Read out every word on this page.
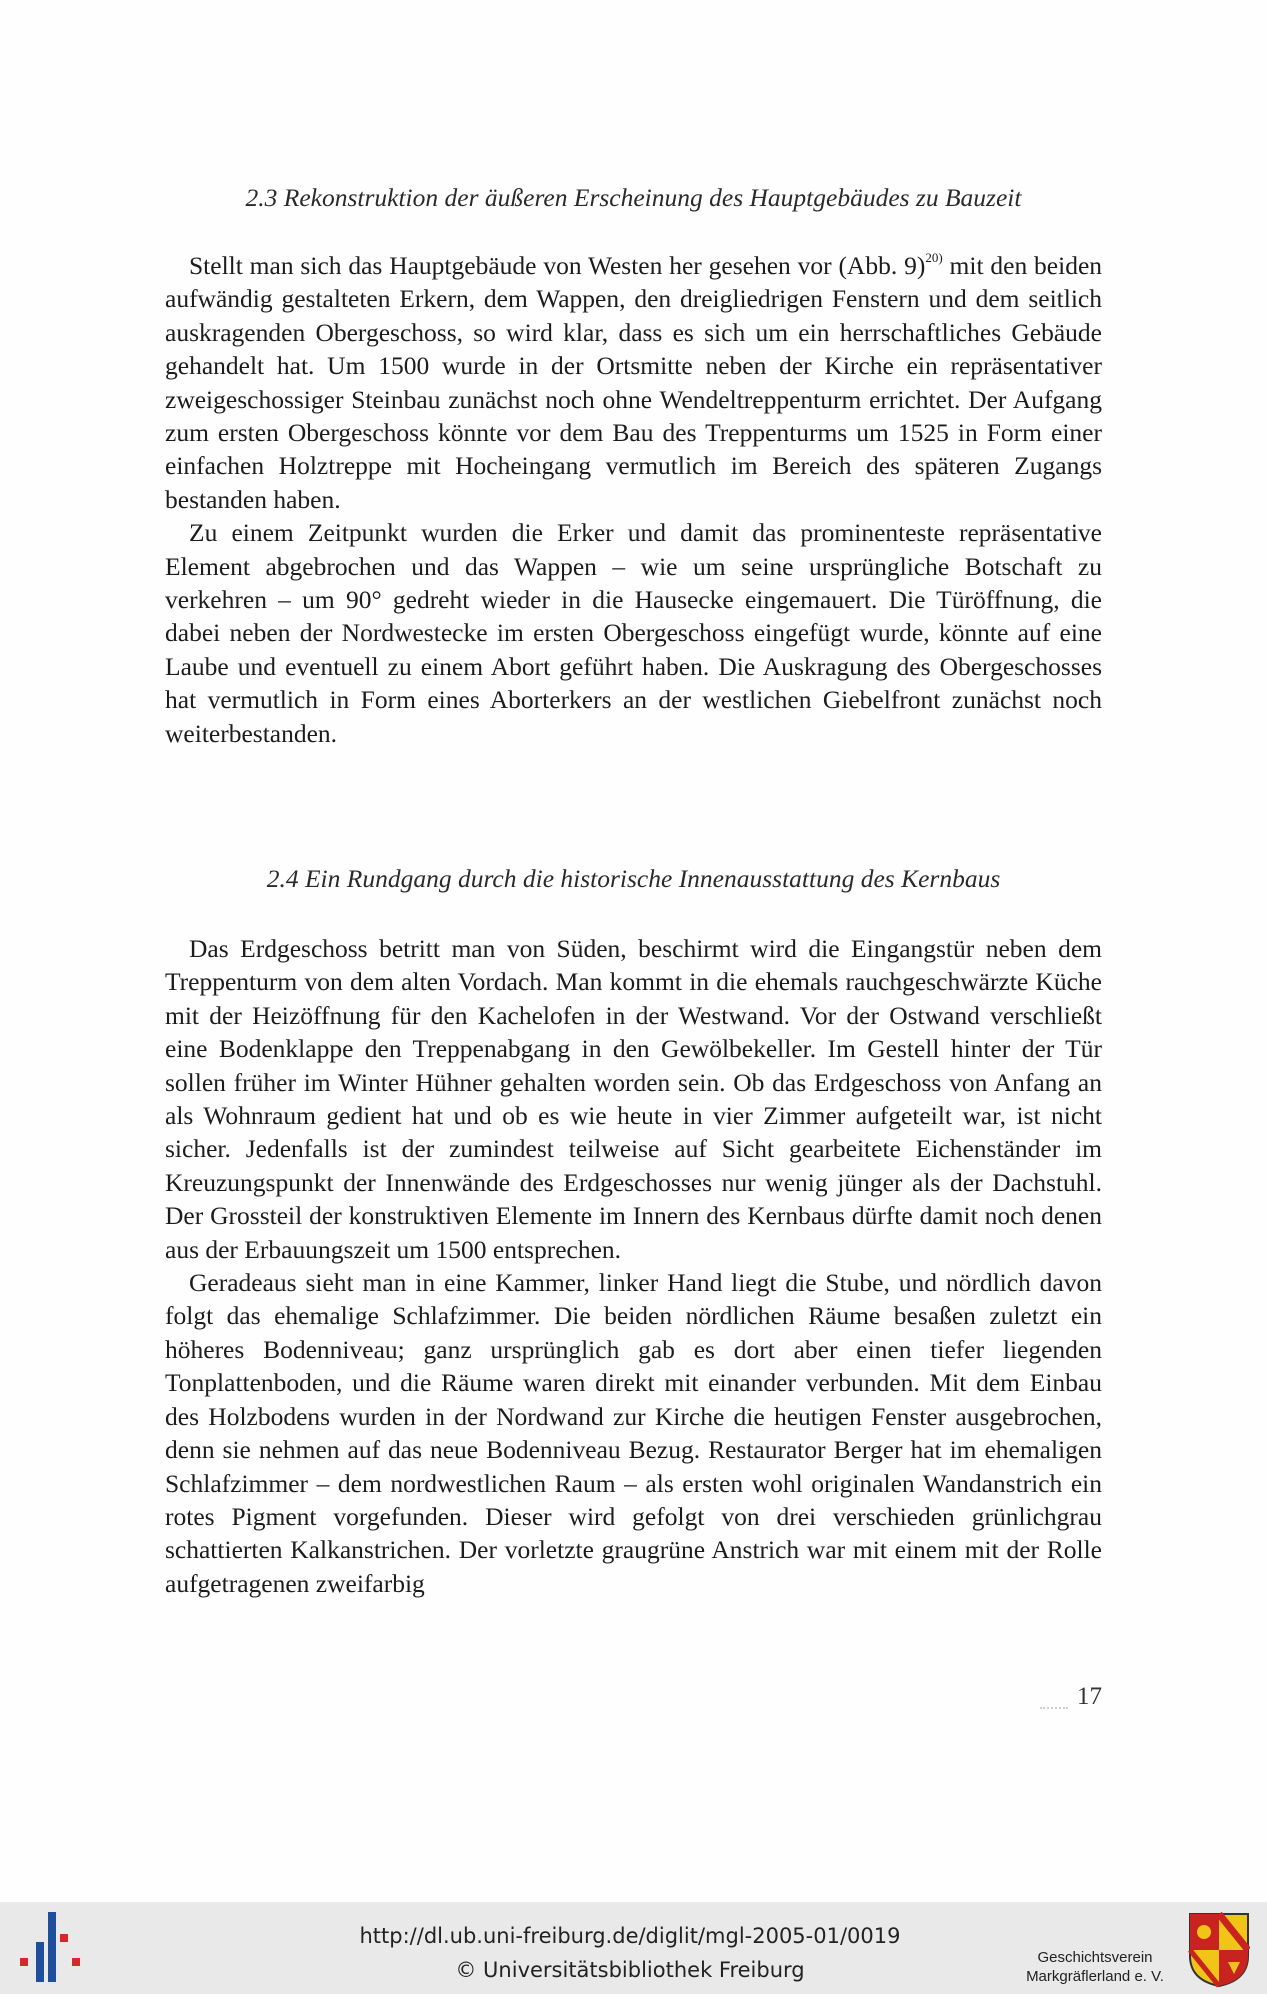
2.3 Rekonstruktion der äußeren Erscheinung des Hauptgebäudes zu Bauzeit

Stellt man sich das Hauptgebäude von Westen her gesehen vor (Abb. 9)$^{20)}$ mit den beiden aufwändig gestalteten Erkern, dem Wappen, den dreigliedrigen Fenstern und dem seitlich auskragenden Obergeschoss, so wird klar, dass es sich um ein herrschaftliches Gebäude gehandelt hat. Um 1500 wurde in der Ortsmitte neben der Kirche ein repräsentativer zweigeschossiger Steinbau zunächst noch ohne Wendeltreppenturm errichtet. Der Aufgang zum ersten Obergeschoss könnte vor dem Bau des Treppenturms um 1525 in Form einer einfachen Holztreppe mit Hocheingang vermutlich im Bereich des späteren Zugangs bestanden haben.

Zu einem Zeitpunkt wurden die Erker und damit das prominenteste repräsentative Element abgebrochen und das Wappen – wie um seine ursprüngliche Botschaft zu verkehren – um 90° gedreht wieder in die Hausecke eingemauert. Die Türöffnung, die dabei neben der Nordwestecke im ersten Obergeschoss eingefügt wurde, könnte auf eine Laube und eventuell zu einem Abort geführt haben. Die Auskragung des Obergeschosses hat vermutlich in Form eines Aborterkers an der westlichen Giebelfront zunächst noch weiterbestanden.

2.4 Ein Rundgang durch die historische Innenausstattung des Kernbaus

Das Erdgeschoss betritt man von Süden, beschirmt wird die Eingangstür neben dem Treppenturm von dem alten Vordach. Man kommt in die ehemals rauchgeschwärzte Küche mit der Heizöffnung für den Kachelofen in der Westwand. Vor der Ostwand verschließt eine Bodenklappe den Treppenabgang in den Gewölbekeller. Im Gestell hinter der Tür sollen früher im Winter Hühner gehalten worden sein. Ob das Erdgeschoss von Anfang an als Wohnraum gedient hat und ob es wie heute in vier Zimmer aufgeteilt war, ist nicht sicher. Jedenfalls ist der zumindest teilweise auf Sicht gearbeitete Eichenständer im Kreuzungspunkt der Innenwände des Erdgeschosses nur wenig jünger als der Dachstuhl. Der Grossteil der konstruktiven Elemente im Innern des Kernbaus dürfte damit noch denen aus der Erbauungszeit um 1500 entsprechen.

Geradeaus sieht man in eine Kammer, linker Hand liegt die Stube, und nördlich davon folgt das ehemalige Schlafzimmer. Die beiden nördlichen Räume besaßen zuletzt ein höheres Bodenniveau; ganz ursprünglich gab es dort aber einen tiefer liegenden Tonplattenboden, und die Räume waren direkt mit einander verbunden. Mit dem Einbau des Holzbodens wurden in der Nordwand zur Kirche die heutigen Fenster ausgebrochen, denn sie nehmen auf das neue Bodenniveau Bezug. Restaurator Berger hat im ehemaligen Schlafzimmer – dem nordwestlichen Raum – als ersten wohl originalen Wandanstrich ein rotes Pigment vorgefunden. Dieser wird gefolgt von drei verschieden grünlichgrau schattierten Kalkanstrichen. Der vorletzte graugrüne Anstrich war mit einem mit der Rolle aufgetragenen zweifarbig

17
http://dl.ub.uni-freiburg.de/diglit/mgl-2005-01/0019
© Universitätsbibliothek Freiburg
Geschichtsverein
Markgräflerland e. V.
